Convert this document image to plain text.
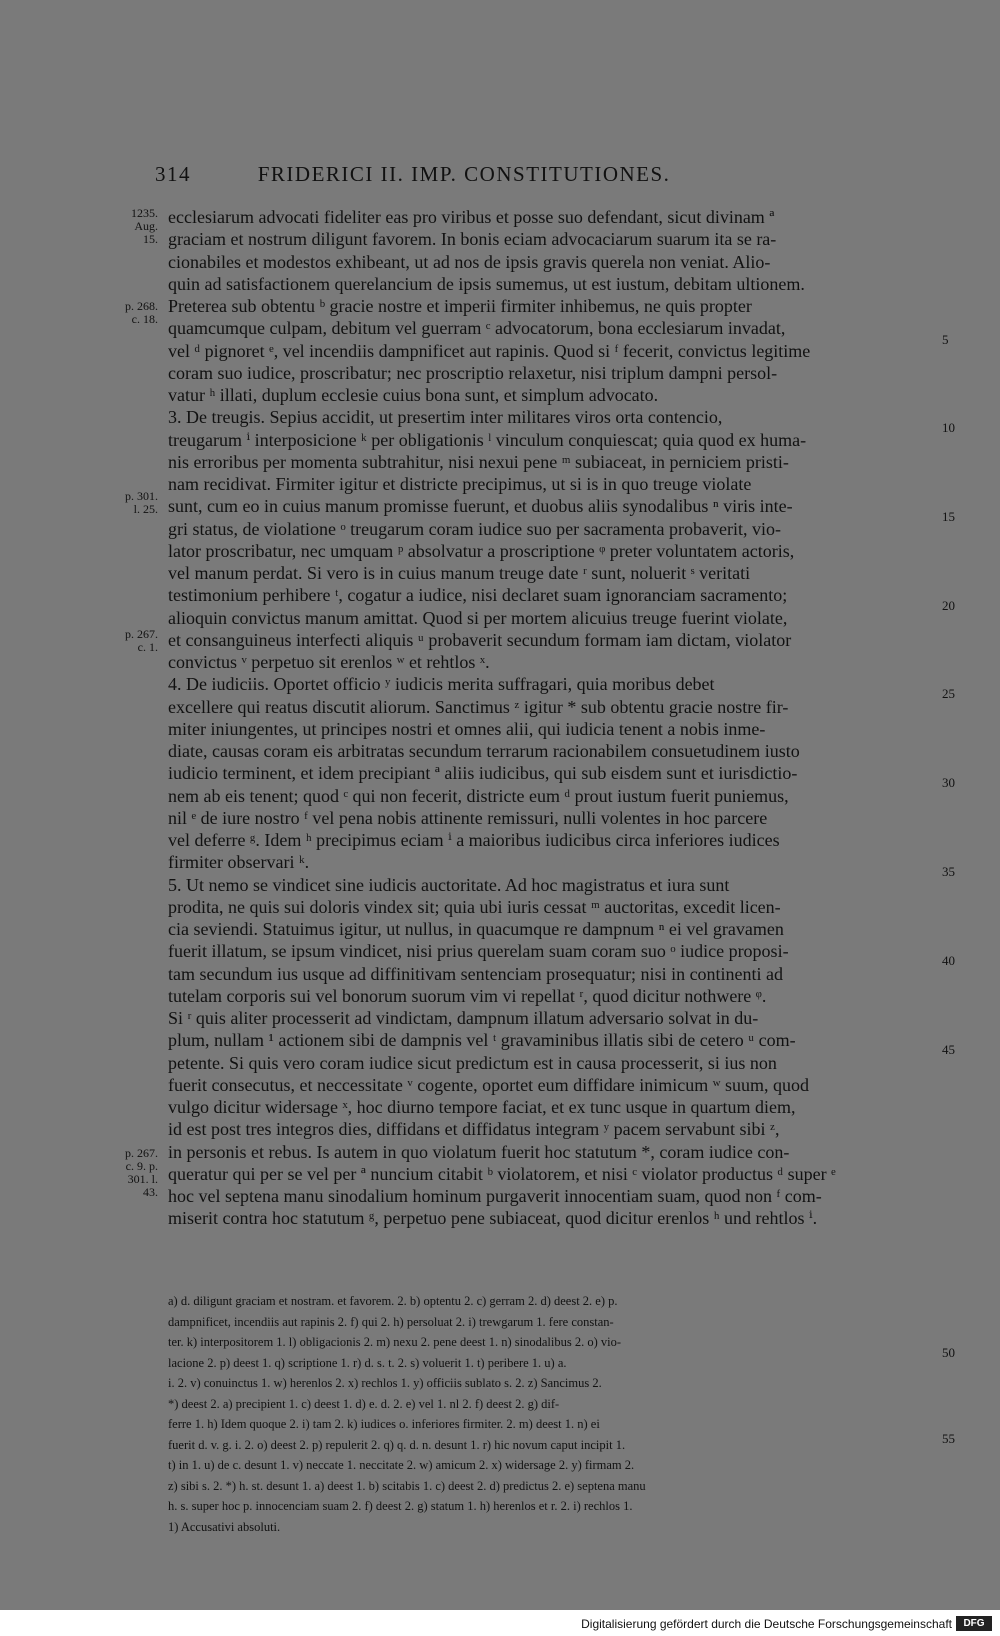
314	FRIDERICI II. IMP. CONSTITUTIONES.
1235. Aug. 15.
p. 268. c. 18.
p. 301. l. 25.
p. 267. c. 1.
p. 267. c. 9. p. 301. l. 43.
ecclesiarum advocati fideliter eas pro viribus et posse suo defendant, sicut divinam ª
graciam et nostrum diligunt favorem. In bonis eciam advocaciarum suarum ita se ra-
cionabiles et modestos exhibeant, ut ad nos de ipsis gravis querela non veniat. Alio-
quin ad satisfactionem querelancium de ipsis sumemus, ut est iustum, debitam ultionem.
Preterea sub obtentu ᵇ gracie nostre et imperii firmiter inhibemus, ne quis propter
quamcumque culpam, debitum vel guerram ᶜ advocatorum, bona ecclesiarum invadat,
vel ᵈ pignoret ᵉ, vel incendiis dampnificet aut rapinis. Quod si ᶠ fecerit, convictus legitime
coram suo iudice, proscribatur; nec proscriptio relaxetur, nisi triplum dampni persol-
vatur ʰ illati, duplum ecclesie cuius bona sunt, et simplum advocato.
3. De treugis. Sepius accidit, ut presertim inter militares viros orta contencio,
treugarum ⁱ interposicione ᵏ per obligationis ˡ vinculum conquiescat; quia quod ex huma-
nis erroribus per momenta subtrahitur, nisi nexui pene ᵐ subiaceat, in perniciem pristi-
nam recidivat. Firmiter igitur et districte precipimus, ut si is in quo treuge violate
sunt, cum eo in cuius manum promisse fuerunt, et duobus aliis synodalibus ⁿ viris inte-
gri status, de violatione ᵒ treugarum coram iudice suo per sacramenta probaverit, vio-
lator proscribatur, nec umquam ᵖ absolvatur a proscriptione ᵠ preter voluntatem actoris,
vel manum perdat. Si vero is in cuius manum treuge date ʳ sunt, noluerit ˢ veritati
testimonium perhibere ᵗ, cogatur a iudice, nisi declaret suam ignoranciam sacramento;
alioquin convictus manum amittat. Quod si per mortem alicuius treuge fuerint violate,
et consanguineus interfecti aliquis ᵘ probaverit secundum formam iam dictam, violator
convictus ᵛ perpetuo sit erenlos ʷ et rehtlos ˣ.
4. De iudiciis. Oportet officio ʸ iudicis merita suffragari, quia moribus debet
excellere qui reatus discutit aliorum. Sanctimus ᶻ igitur * sub obtentu gracie nostre fir-
miter iniungentes, ut principes nostri et omnes alii, qui iudicia tenent a nobis inme-
diate, causas coram eis arbitratas secundum terrarum racionabilem consuetudinem iusto
iudicio terminent, et idem precipiant ª aliis iudicibus, qui sub eisdem sunt et iurisdictio-
nem ab eis tenent; quod ᶜ qui non fecerit, districte eum ᵈ prout iustum fuerit puniemus,
nil ᵉ de iure nostro ᶠ vel pena nobis attinente remissuri, nulli volentes in hoc parcere
vel deferre ᵍ. Idem ʰ precipimus eciam ⁱ a maioribus iudicibus circa inferiores iudices
firmiter observari ᵏ.
5. Ut nemo se vindicet sine iudicis auctoritate. Ad hoc magistratus et iura sunt
prodita, ne quis sui doloris vindex sit; quia ubi iuris cessat ᵐ auctoritas, excedit licen-
cia seviendi. Statuimus igitur, ut nullus, in quacumque re dampnum ⁿ ei vel gravamen
fuerit illatum, se ipsum vindicet, nisi prius querelam suam coram suo ᵒ iudice proposi-
tam secundum ius usque ad diffinitivam sentenciam prosequatur; nisi in continenti ad
tutelam corporis sui vel bonorum suorum vim vi repellat ʳ, quod dicitur nothwere ᵠ.
Si ʳ quis aliter processerit ad vindictam, dampnum illatum adversario solvat in du-
plum, nullam ¹ actionem sibi de dampnis vel ᵗ gravaminibus illatis sibi de cetero ᵘ com-
petente. Si quis vero coram iudice sicut predictum est in causa processerit, si ius non
fuerit consecutus, et neccessitate ᵛ cogente, oportet eum diffidare inimicum ʷ suum, quod
vulgo dicitur widersage ˣ, hoc diurno tempore faciat, et ex tunc usque in quartum diem,
id est post tres integros dies, diffidans et diffidatus integram ʸ pacem servabunt sibi ᶻ,
in personis et rebus. Is autem in quo violatum fuerit hoc statutum *, coram iudice con-
queratur qui per se vel per ª nuncium citabit ᵇ violatorem, et nisi ᶜ violator productus ᵈ super ᵉ
hoc vel septena manu sinodalium hominum purgaverit innocentiam suam, quod non ᶠ com-
miserit contra hoc statutum ᵍ, perpetuo pene subiaceat, quod dicitur erenlos ʰ und rehtlos ⁱ.
5
10
15
20
25
30
35
40
45
50
55
a) d. diligunt graciam et nostram. et favorem. 2. b) optentu 2. c) gerram 2. d) deest 2. e) p.
dampnificet, incendiis aut rapinis 2. f) qui 2. h) persoluat 2. i) trewgarum 1. fere constan-
ter. k) interpositorem 1. l) obligacionis 2. m) nexu 2. pene deest 1. n) sinodalibus 2. o) vio-
lacione 2. p) deest 1. q) scriptione 1. r) d. s. t. 2. s) voluerit 1. t) peribere 1. u) a.
i. 2. v) conuinctus 1. w) herenlos 2. x) rechlos 1. y) officiis sublato s. 2. z) Sancimus 2.
*) deest 2. a) precipient 1. c) deest 1. d) e. d. 2. e) vel 1. nl 2. f) deest 2. g) dif-
ferre 1. h) Idem quoque 2. i) tam 2. k) iudices o. inferiores firmiter. 2. m) deest 1. n) ei
fuerit d. v. g. i. 2. o) deest 2. p) repulerit 2. q) q. d. n. desunt 1. r) hic novum caput incipit 1.
t) in 1. u) de c. desunt 1. v) neccate 1. neccitate 2. w) amicum 2. x) widersage 2. y) firmam 2.
z) sibi s. 2. *) h. st. desunt 1. a) deest 1. b) scitabis 1. c) deest 2. d) predictus 2. e) septena manu
h. s. super hoc p. innocenciam suam 2. f) deest 2. g) statum 1. h) herenlos et r. 2. i) rechlos 1.
1) Accusativi absoluti.
Digitalisierung gefördert durch die Deutsche Forschungsgemeinschaft	DFG
